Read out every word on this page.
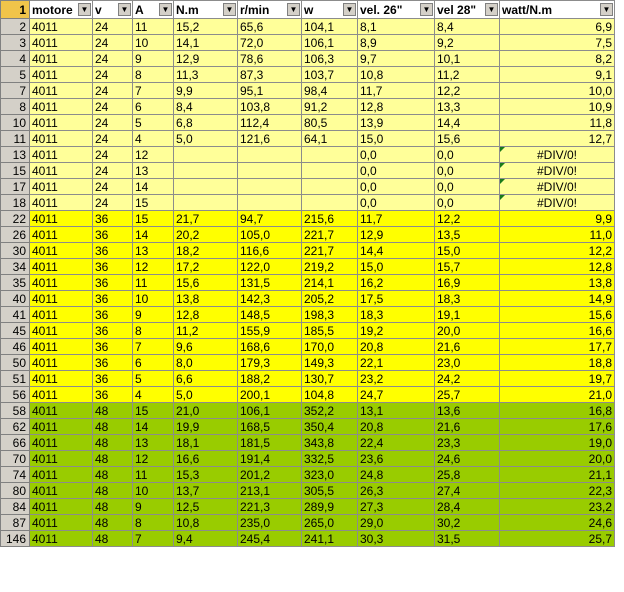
1	motore ▼	v ▼	A ▼	N.m ▼	r/min ▼	w ▼	vel. 26" ▼	vel 28" ▼	watt/N.m ▼

2	4011	24	11	15,2	65,6	104,1	8,1	8,4	6,9
3	4011	24	10	14,1	72,0	106,1	8,9	9,2	7,5
4	4011	24	9	12,9	78,6	106,3	9,7	10,1	8,2
5	4011	24	8	11,3	87,3	103,7	10,8	11,2	9,1
7	4011	24	7	9,9	95,1	98,4	11,7	12,2	10,0
8	4011	24	6	8,4	103,8	91,2	12,8	13,3	10,9
10	4011	24	5	6,8	112,4	80,5	13,9	14,4	11,8
11	4011	24	4	5,0	121,6	64,1	15,0	15,6	12,7
13	4011	24	12				0,0	0,0	#DIV/0!

15	4011	24	13				0,0	0,0	#DIV/0!

17	4011	24	14				0,0	0,0	#DIV/0!

18	4011	24	15				0,0	0,0	#DIV/0!

22	4011	36	15	21,7	94,7	215,6	11,7	12,2	9,9
26	4011	36	14	20,2	105,0	221,7	12,9	13,5	11,0
30	4011	36	13	18,2	116,6	221,7	14,4	15,0	12,2
34	4011	36	12	17,2	122,0	219,2	15,0	15,7	12,8
35	4011	36	11	15,6	131,5	214,1	16,2	16,9	13,8
40	4011	36	10	13,8	142,3	205,2	17,5	18,3	14,9
41	4011	36	9	12,8	148,5	198,3	18,3	19,1	15,6
45	4011	36	8	11,2	155,9	185,5	19,2	20,0	16,6
46	4011	36	7	9,6	168,6	170,0	20,8	21,6	17,7
50	4011	36	6	8,0	179,3	149,3	22,1	23,0	18,8
51	4011	36	5	6,6	188,2	130,7	23,2	24,2	19,7
56	4011	36	4	5,0	200,1	104,8	24,7	25,7	21,0
58	4011	48	15	21,0	106,1	352,2	13,1	13,6	16,8
62	4011	48	14	19,9	168,5	350,4	20,8	21,6	17,6
66	4011	48	13	18,1	181,5	343,8	22,4	23,3	19,0
70	4011	48	12	16,6	191,4	332,5	23,6	24,6	20,0
74	4011	48	11	15,3	201,2	323,0	24,8	25,8	21,1
80	4011	48	10	13,7	213,1	305,5	26,3	27,4	22,3
84	4011	48	9	12,5	221,3	289,9	27,3	28,4	23,2
87	4011	48	8	10,8	235,0	265,0	29,0	30,2	24,6
146	4011	48	7	9,4	245,4	241,1	30,3	31,5	25,7
